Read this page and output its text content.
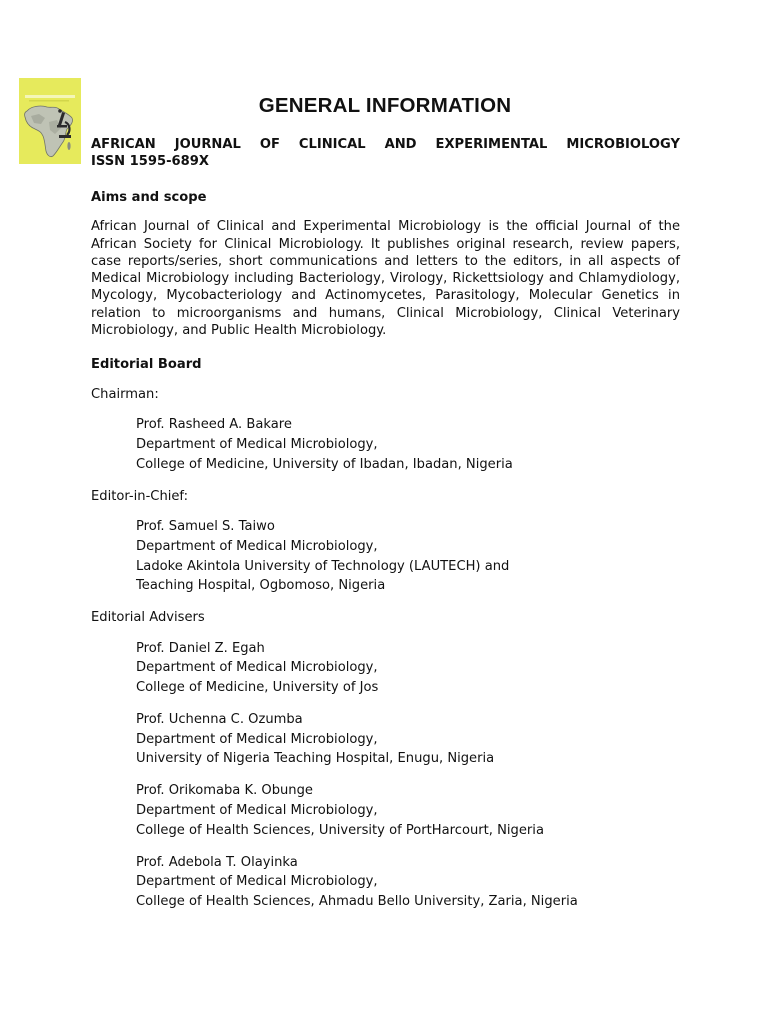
GENERAL INFORMATION
AFRICAN JOURNAL OF CLINICAL AND EXPERIMENTAL MICROBIOLOGY
ISSN 1595-689X
Aims and scope
African Journal of Clinical and Experimental Microbiology is the official Journal of the African Society for Clinical Microbiology. It publishes original research, review papers, case reports/series, short communications and letters to the editors, in all aspects of Medical Microbiology including Bacteriology, Virology, Rickettsiology and Chlamydiology, Mycology, Mycobacteriology and Actinomycetes, Parasitology, Molecular Genetics in relation to microorganisms and humans, Clinical Microbiology, Clinical Veterinary Microbiology, and Public Health Microbiology.
Editorial Board
Chairman:
Prof. Rasheed A. Bakare
Department of Medical Microbiology,
College of Medicine, University of Ibadan, Ibadan, Nigeria
Editor-in-Chief:
Prof. Samuel S. Taiwo
Department of Medical Microbiology,
Ladoke Akintola University of Technology (LAUTECH) and
Teaching Hospital, Ogbomoso, Nigeria
Editorial Advisers
Prof. Daniel Z. Egah
Department of Medical Microbiology,
College of Medicine, University of Jos
Prof. Uchenna C. Ozumba
Department of Medical Microbiology,
University of Nigeria Teaching Hospital, Enugu, Nigeria
Prof. Orikomaba K. Obunge
Department of Medical Microbiology,
College of Health Sciences, University of PortHarcourt, Nigeria
Prof. Adebola T. Olayinka
Department of Medical Microbiology,
College of Health Sciences, Ahmadu Bello University, Zaria, Nigeria
